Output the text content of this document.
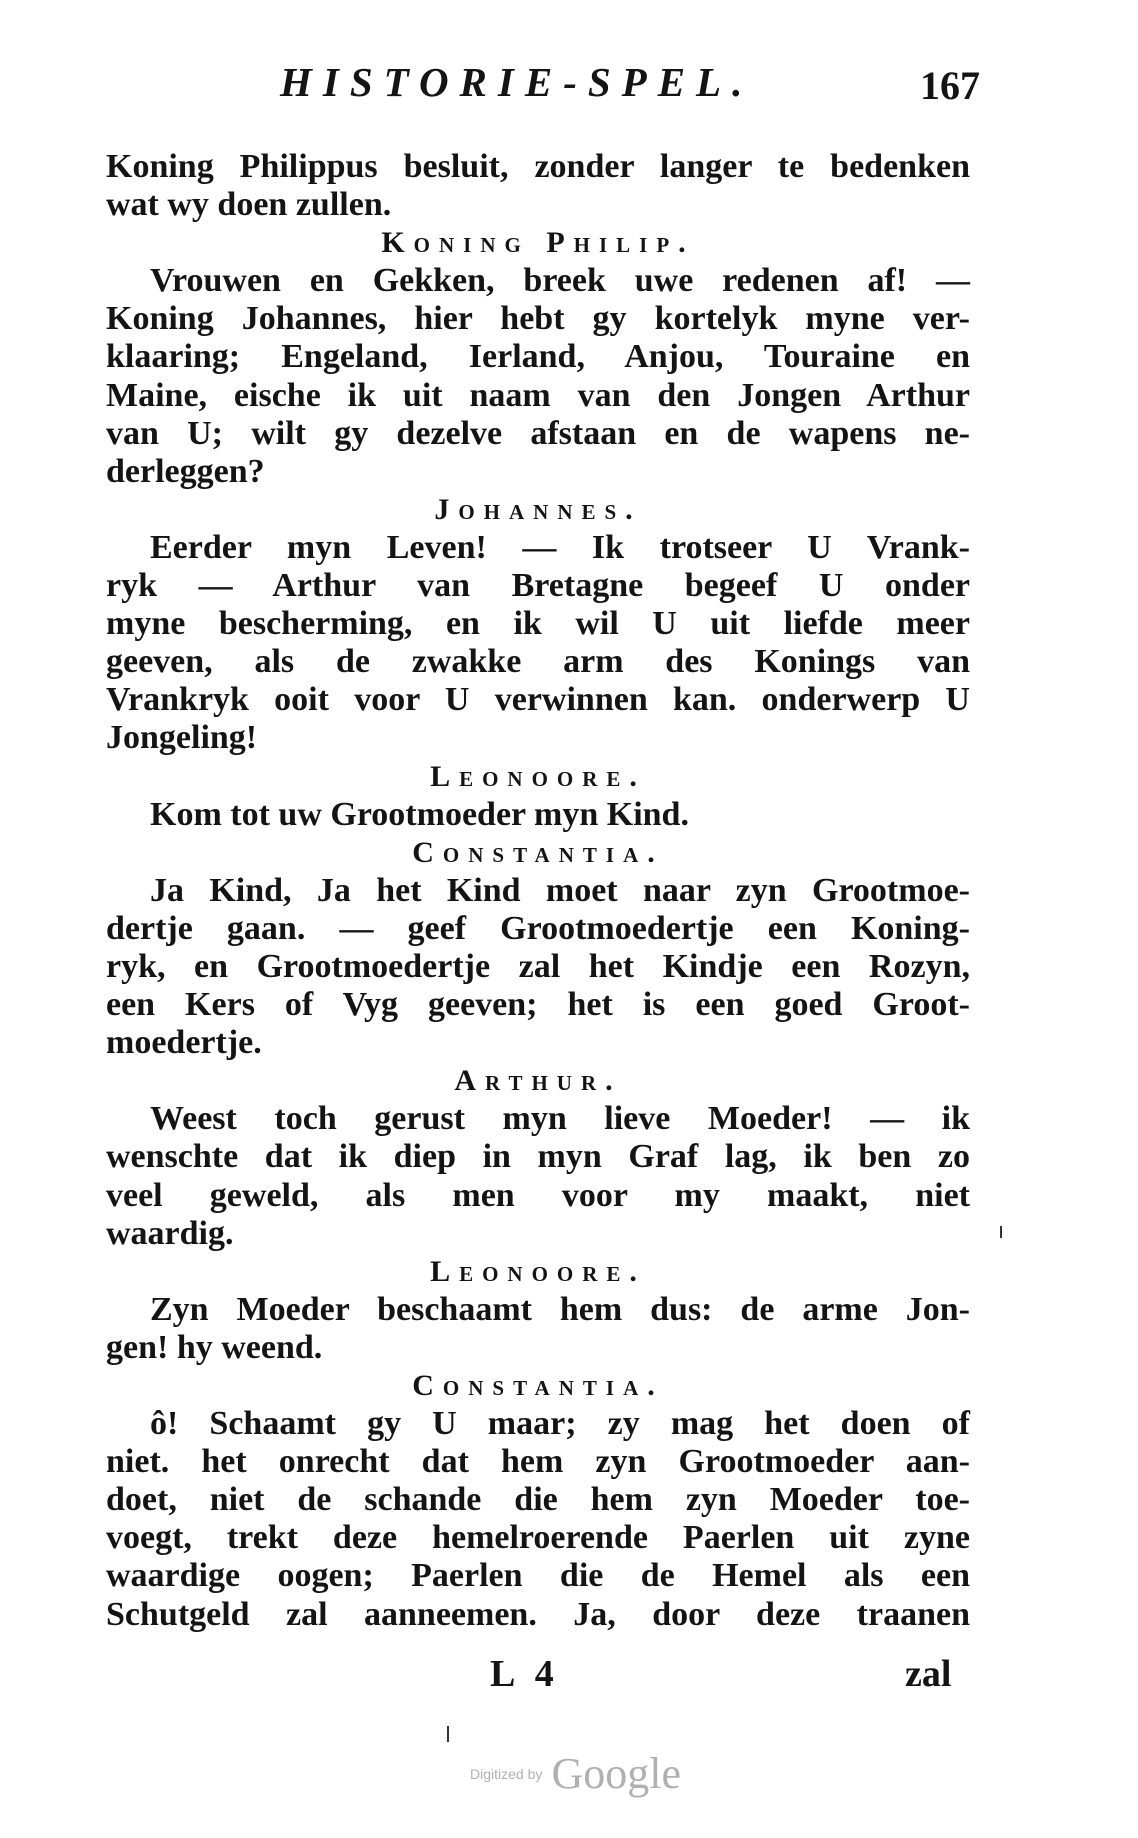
HISTORIE-SPEL.	167
Koning Philippus besluit, zonder langer te bedenken
wat wy doen zullen.
Koning Philip.
Vrouwen en Gekken, breek uwe redenen af! —
Koning Johannes, hier hebt gy kortelyk myne ver-
klaaring; Engeland, Ierland, Anjou, Touraine en
Maine, eische ik uit naam van den Jongen Arthur
van U; wilt gy dezelve afstaan en de wapens ne-
derleggen?
Johannes.
Eerder myn Leven! — Ik trotseer U Vrank-
ryk — Arthur van Bretagne begeef U onder
myne bescherming, en ik wil U uit liefde meer
geeven, als de zwakke arm des Konings van
Vrankryk ooit voor U verwinnen kan. onderwerp U
Jongeling!
Leonoore.
Kom tot uw Grootmoeder myn Kind.
Constantia.
Ja Kind, Ja het Kind moet naar zyn Grootmoe-
dertje gaan. — geef Grootmoedertje een Koning-
ryk, en Grootmoedertje zal het Kindje een Rozyn,
een Kers of Vyg geeven; het is een goed Groot-
moedertje.
Arthur.
Weest toch gerust myn lieve Moeder! — ik
wenschte dat ik diep in myn Graf lag, ik ben zo
veel geweld, als men voor my maakt, niet
waardig.
Leonoore.
Zyn Moeder beschaamt hem dus: de arme Jon-
gen! hy weend.
Constantia.
ô! Schaamt gy U maar; zy mag het doen of
niet. het onrecht dat hem zyn Grootmoeder aan-
doet, niet de schande die hem zyn Moeder toe-
voegt, trekt deze hemelroerende Paerlen uit zyne
waardige oogen; Paerlen die de Hemel als een
Schutgeld zal aanneemen. Ja, door deze traanen
L 4	zal
Digitized by Google
